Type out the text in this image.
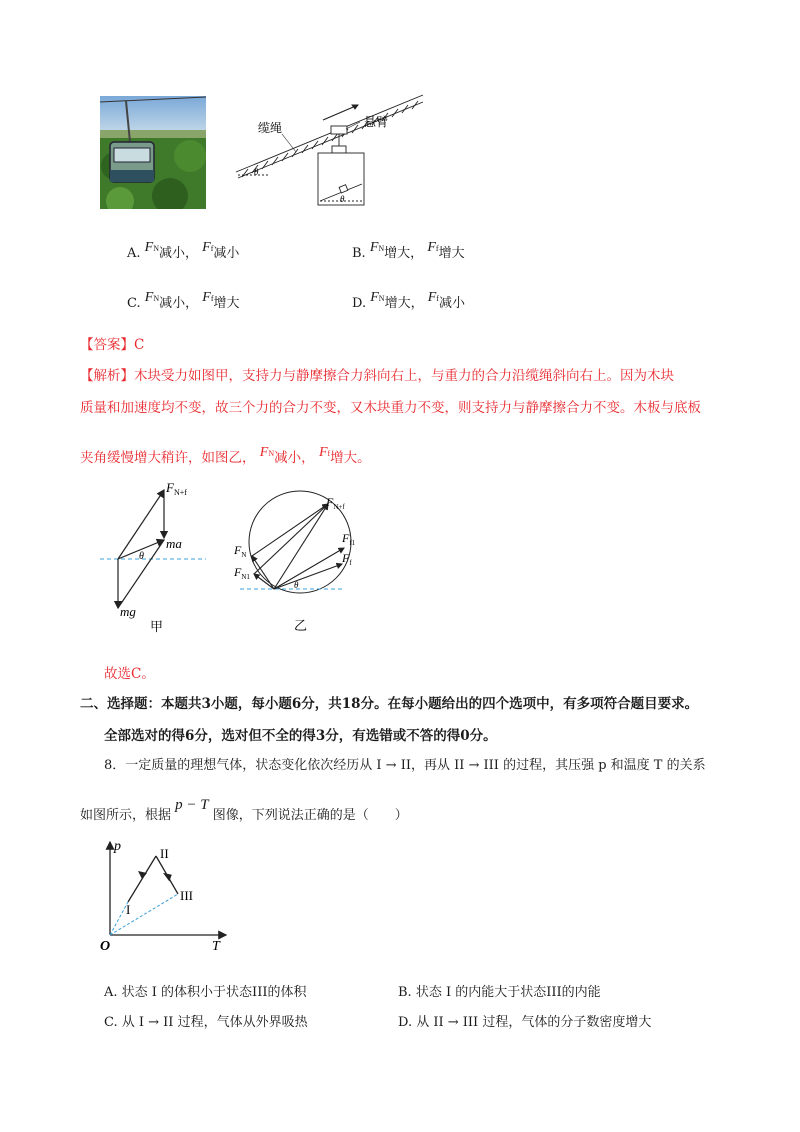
缆绳	悬臂
θ
θ
A. FN减小， Ff减小	B. FN增大， Ff增大
C. FN减小， Ff增大	D. FN增大， Ff减小
【答案】C
【解析】木块受力如图甲，支持力与静摩擦合力斜向右上，与重力的合力沿缆绳斜向右上。因为木块
质量和加速度均不变，故三个力的合力不变，又木块重力不变，则支持力与静摩擦合力不变。木板与底板
夹角缓慢增大稍许，如图乙， FN减小， Ff增大。
$F_{N+f}$
ma
θ
mg
甲
$F_{N+f}$
$F_{f1}$
$F_f$
$F_N$
$F_{N1}$
θ
乙
故选C。
二、选择题：本题共3小题，每小题6分，共18分。在每小题给出的四个选项中，有多项符合题目要求。
全部选对的得6分，选对但不全的得3分，有选错或不答的得0分。
8．一定质量的理想气体，状态变化依次经历从 I → II，再从 II → III 的过程，其压强 p 和温度 T 的关系
如图所示，根据 p − T 图像，下列说法正确的是（　　）
p
T
O
I
II
III
A. 状态 I 的体积小于状态III的体积	B. 状态 I 的内能大于状态III的内能
C. 从 I → II 过程，气体从外界吸热	D. 从 II → III 过程，气体的分子数密度增大
